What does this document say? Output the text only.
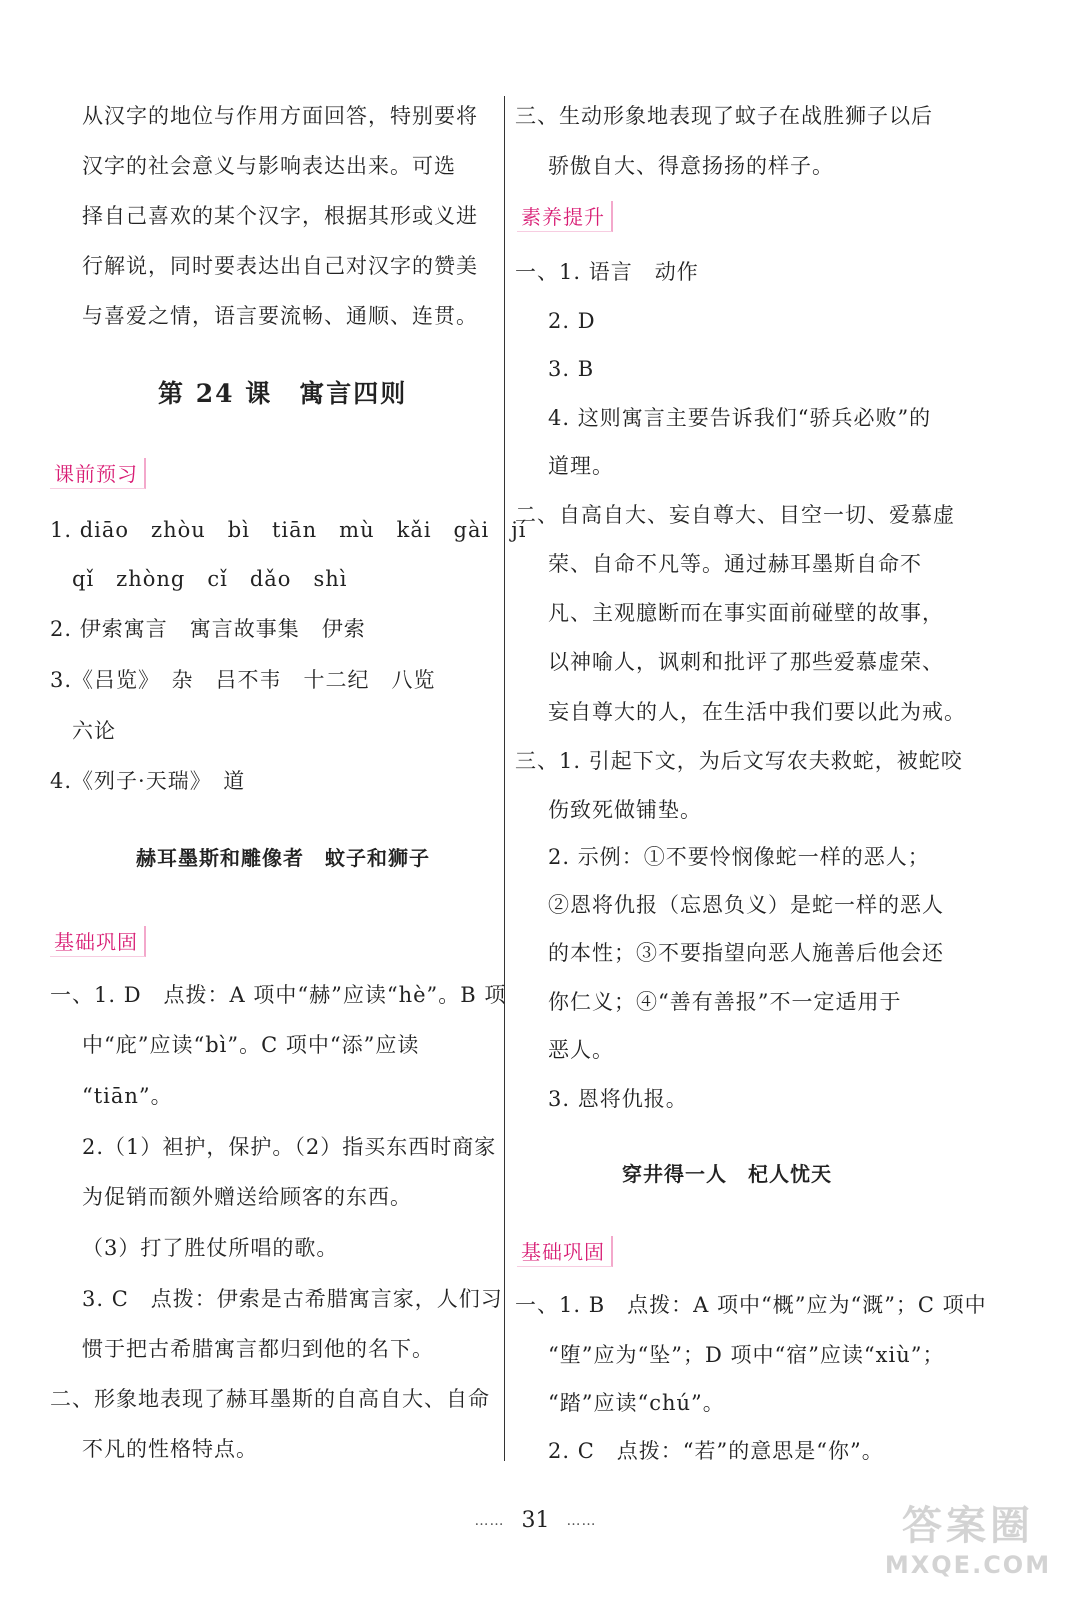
从汉字的地位与作用方面回答，特别要将
汉字的社会意义与影响表达出来。可选
择自己喜欢的某个汉字，根据其形或义进
行解说，同时要表达出自己对汉字的赞美
与喜爱之情，语言要流畅、通顺、连贯。
第 24 课　寓言四则
课前预习
1. diāo　zhòu　bì　tiān　mù　kǎi　gài　jí
qǐ　zhòng　cǐ　dǎo　shì
2. 伊索寓言　寓言故事集　伊索
3.《吕览》　杂　吕不韦　十二纪　八览
六论
4.《列子·天瑞》　道
赫耳墨斯和雕像者　蚊子和狮子
基础巩固
一、1. D　点拨：A 项中“赫”应读“hè”。B 项
中“庇”应读“bì”。C 项中“添”应读
“tiān”。
2.（1）袒护，保护。（2）指买东西时商家
为促销而额外赠送给顾客的东西。
（3）打了胜仗所唱的歌。
3. C　点拨：伊索是古希腊寓言家，人们习
惯于把古希腊寓言都归到他的名下。
二、形象地表现了赫耳墨斯的自高自大、自命
不凡的性格特点。
三、生动形象地表现了蚊子在战胜狮子以后
骄傲自大、得意扬扬的样子。
素养提升
一、1. 语言　动作
2. D
3. B
4. 这则寓言主要告诉我们“骄兵必败”的
道理。
二、自高自大、妄自尊大、目空一切、爱慕虚
荣、自命不凡等。通过赫耳墨斯自命不
凡、主观臆断而在事实面前碰壁的故事，
以神喻人，讽刺和批评了那些爱慕虚荣、
妄自尊大的人，在生活中我们要以此为戒。
三、1. 引起下文，为后文写农夫救蛇，被蛇咬
伤致死做铺垫。
2. 示例：①不要怜悯像蛇一样的恶人；
②恩将仇报（忘恩负义）是蛇一样的恶人
的本性；③不要指望向恶人施善后他会还
你仁义；④“善有善报”不一定适用于
恶人。
3. 恩将仇报。
穿井得一人　杞人忧天
基础巩固
一、1. B　点拨：A 项中“概”应为“溉”；C 项中
“堕”应为“坠”；D 项中“宿”应读“xiù”；
“踏”应读“chú”。
2. C　点拨：“若”的意思是“你”。
…… 31 ……	答案圈
MXQE.COM
